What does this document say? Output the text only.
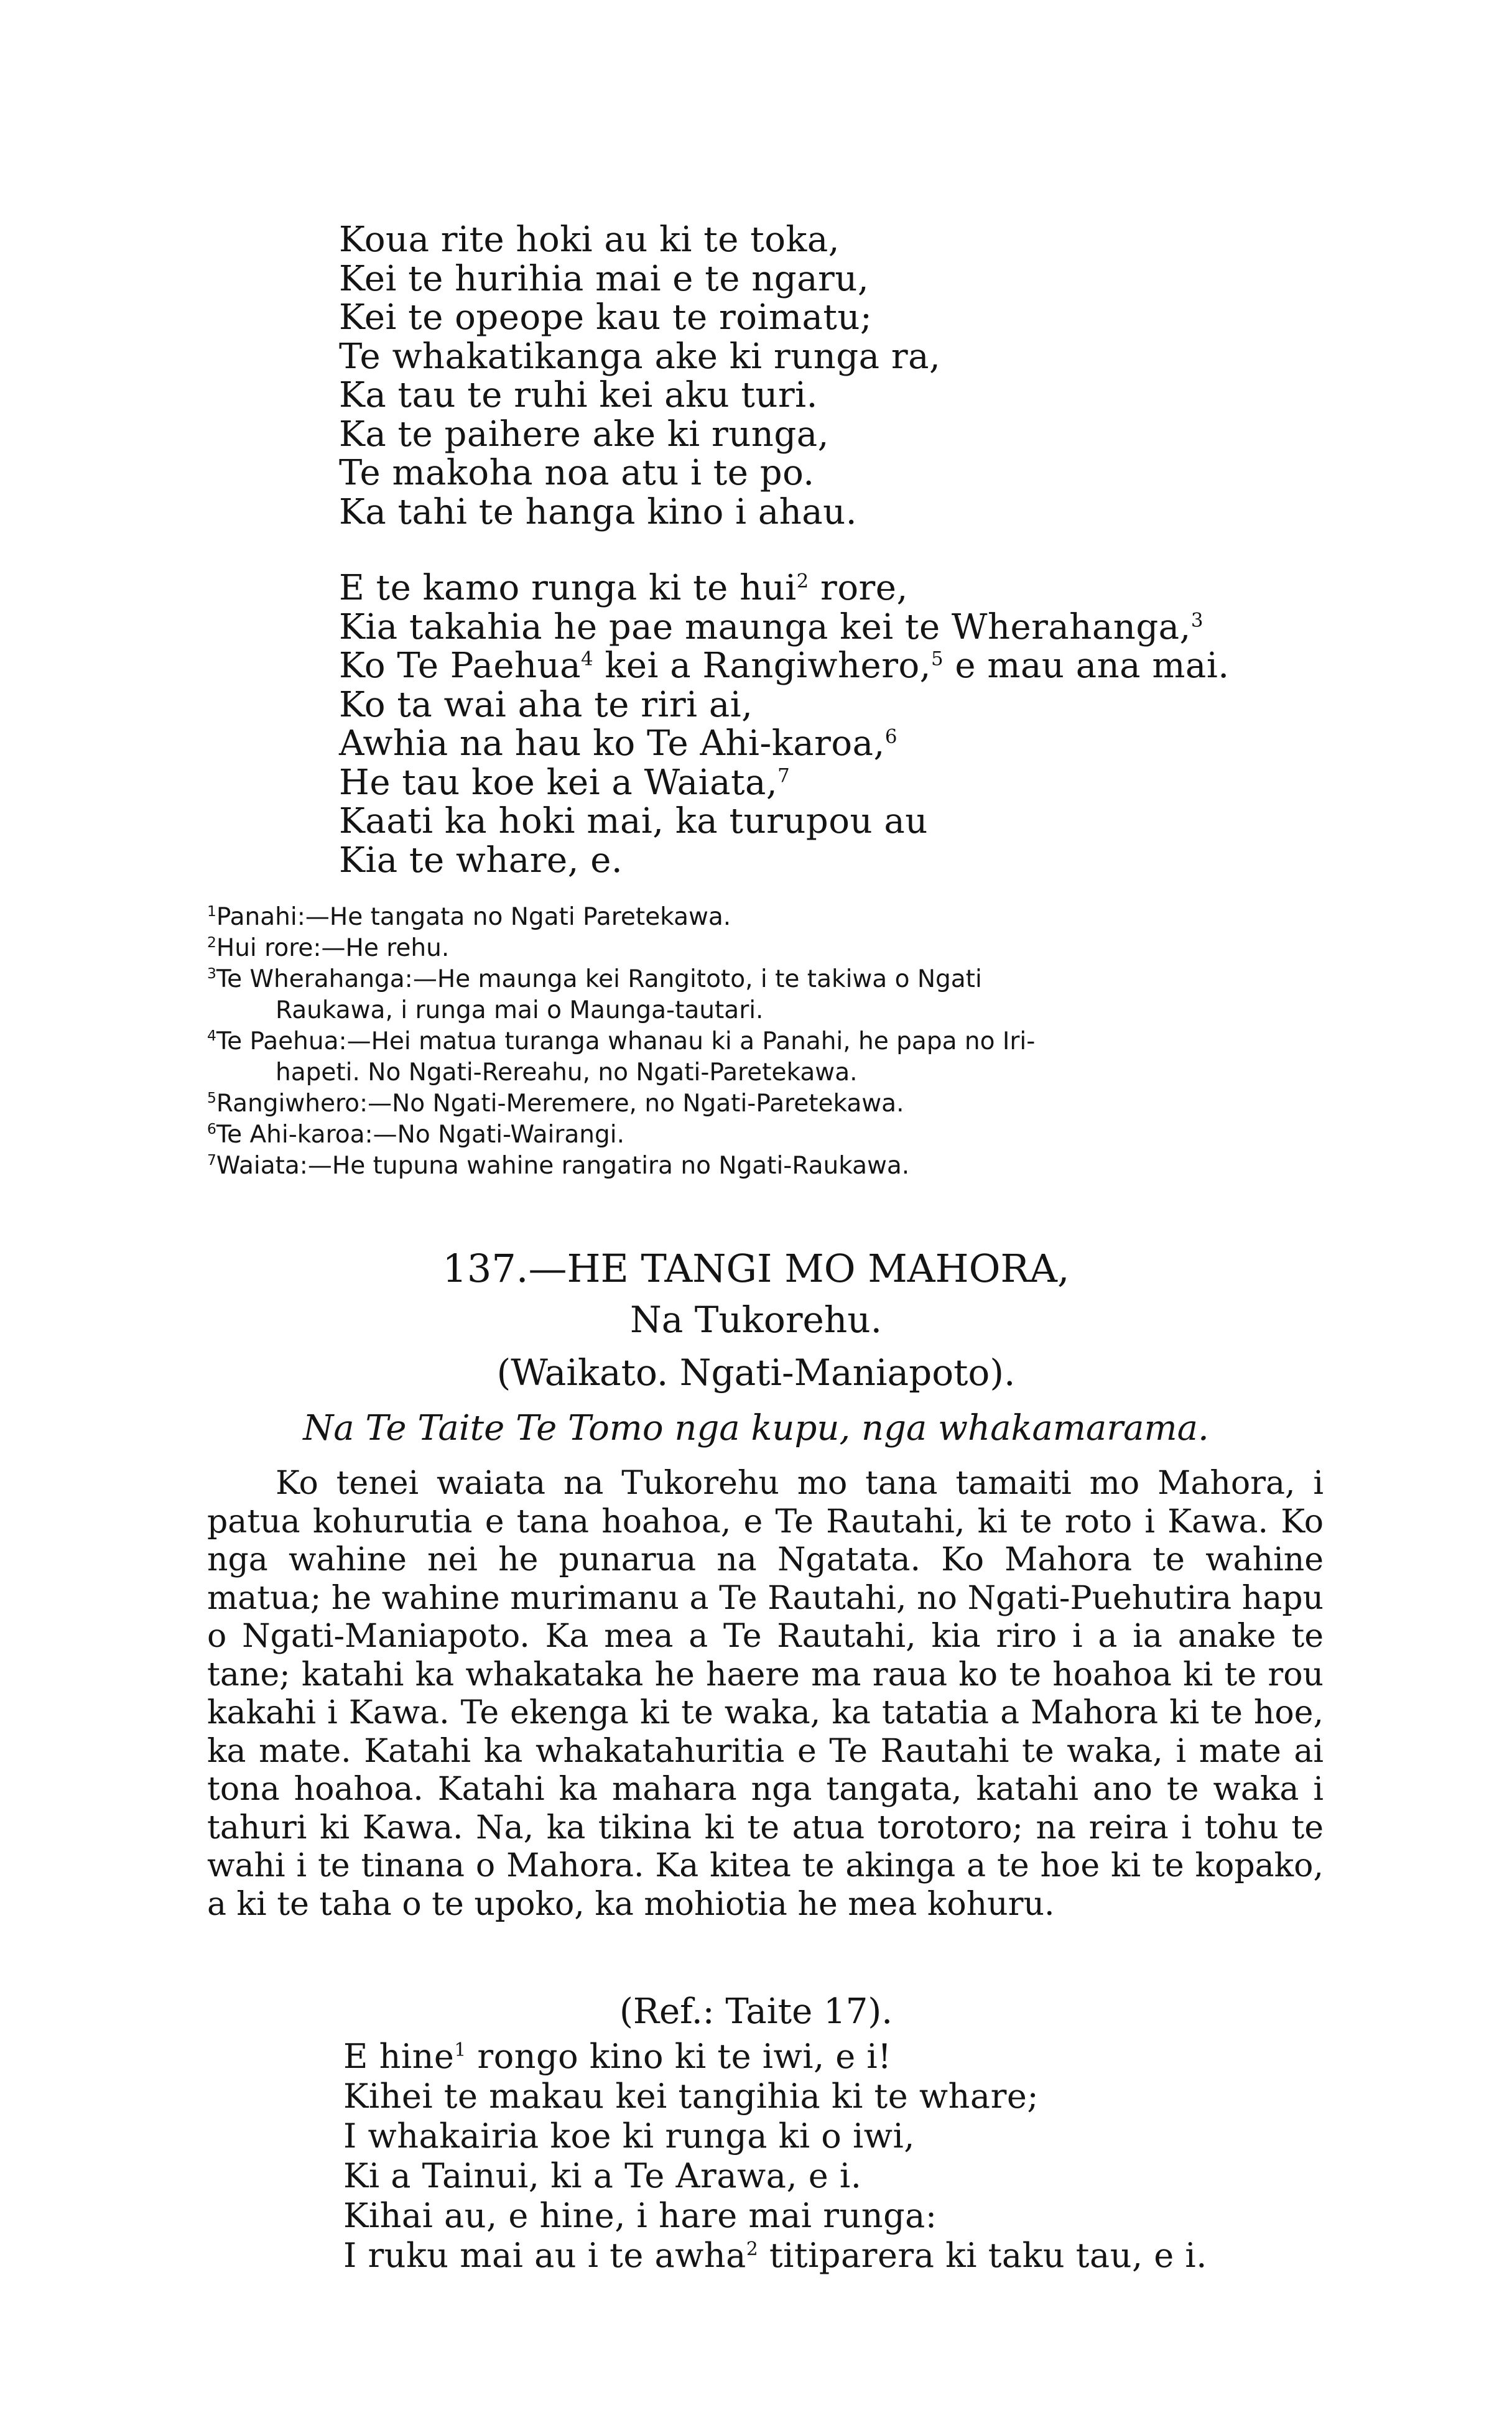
Koua rite hoki au ki te toka,
Kei te hurihia mai e te ngaru,
Kei te opeope kau te roimatu;
Te whakatikanga ake ki runga ra,
Ka tau te ruhi kei aku turi.
Ka te paihere ake ki runga,
Te makoha noa atu i te po.
Ka tahi te hanga kino i ahau.
E te kamo runga ki te hui$^2$ rore,
Kia takahia he pae maunga kei te Wherahanga,$^3$
Ko Te Paehua$^4$ kei a Rangiwhero,$^5$ e mau ana mai.
Ko ta wai aha te riri ai,
Awhia na hau ko Te Ahi-karoa,$^6$
He tau koe kei a Waiata,$^7$
Kaati ka hoki mai, ka turupou au
Kia te whare, e.
$^1$Panahi:—He tangata no Ngati Paretekawa.
$^2$Hui rore:—He rehu.
$^3$Te Wherahanga:—He maunga kei Rangitoto, i te takiwa o Ngati
Raukawa, i runga mai o Maunga-tautari.
$^4$Te Paehua:—Hei matua turanga whanau ki a Panahi, he papa no Iri-
hapeti. No Ngati-Rereahu, no Ngati-Paretekawa.
$^5$Rangiwhero:—No Ngati-Meremere, no Ngati-Paretekawa.
$^6$Te Ahi-karoa:—No Ngati-Wairangi.
$^7$Waiata:—He tupuna wahine rangatira no Ngati-Raukawa.
137.—HE TANGI MO MAHORA,
Na Tukorehu.
(Waikato. Ngati-Maniapoto).
Na Te Taite Te Tomo nga kupu, nga whakamarama.

Ko tenei waiata na Tukorehu mo tana tamaiti mo Mahora, i patua kohurutia e tana hoahoa, e Te Rautahi, ki te roto i Kawa. Ko nga wahine nei he punarua na Ngatata. Ko Mahora te wahine matua; he wahine murimanu a Te Rautahi, no Ngati-Puehutira hapu o Ngati-Maniapoto. Ka mea a Te Rautahi, kia riro i a ia anake te tane; katahi ka whakataka he haere ma raua ko te hoahoa ki te rou kakahi i Kawa. Te ekenga ki te waka, ka tatatia a Mahora ki te hoe, ka mate. Katahi ka whakatahuritia e Te Rautahi te waka, i mate ai tona hoahoa. Katahi ka mahara nga tangata, katahi ano te waka i tahuri ki Kawa. Na, ka tikina ki te atua torotoro; na reira i tohu te wahi i te tinana o Mahora. Ka kitea te akinga a te hoe ki te kopako, a ki te taha o te upoko, ka mohiotia he mea kohuru.

(Ref.: Taite 17).
E hine$^1$ rongo kino ki te iwi, e i!
Kihei te makau kei tangihia ki te whare;
I whakairia koe ki runga ki o iwi,
Ki a Tainui, ki a Te Arawa, e i.
Kihai au, e hine, i hare mai runga:
I ruku mai au i te awha$^2$ titiparera ki taku tau, e i.
